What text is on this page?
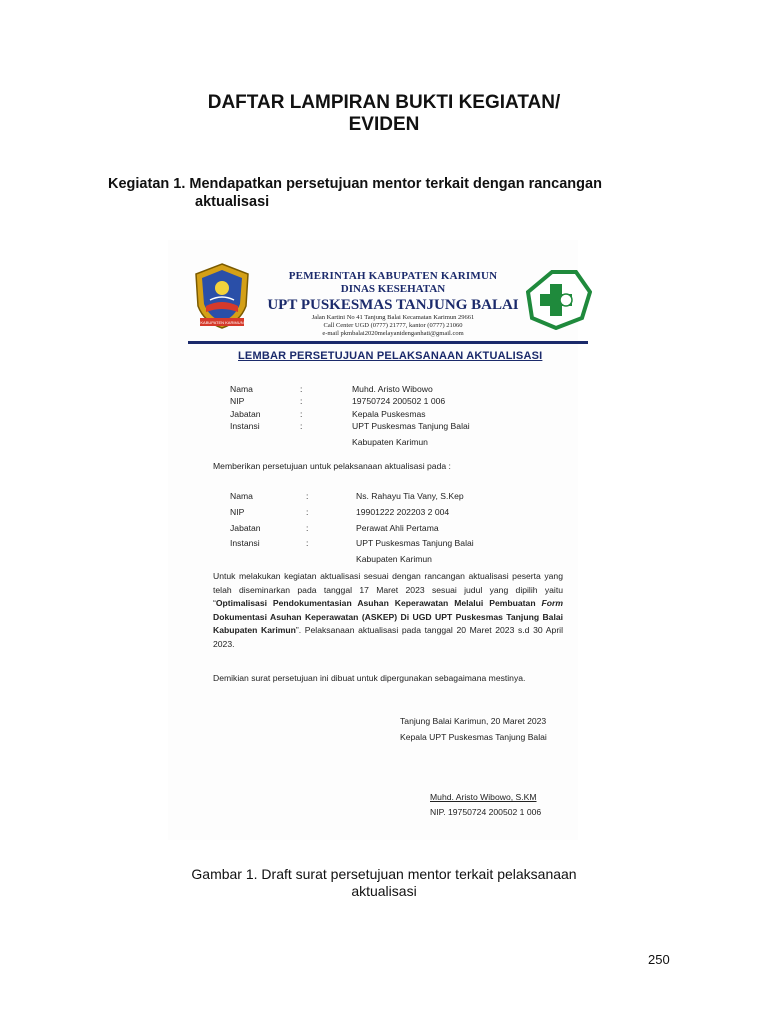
DAFTAR LAMPIRAN BUKTI KEGIATAN/
EVIDEN

Kegiatan 1. Mendapatkan persetujuan mentor terkait dengan rancangan
aktualisasi

KABUPATEN KARIMUN
PEMERINTAH KABUPATEN KARIMUN
DINAS KESEHATAN
UPT PUSKESMAS TANJUNG BALAI
Jalan Kartini No 41 Tanjung Balai Kecamatan Karimun 29661
Call Center UGD (0777) 21777, kantor (0777) 21060
e-mail pkmbalai2020melayanidenganhati@gmail.com
LEMBAR PERSETUJUAN PELAKSANAAN AKTUALISASI
Nama	:	Muhd. Aristo Wibowo
NIP	:	19750724 200502 1 006
Jabatan	:	Kepala Puskesmas
Instansi	:	UPT Puskesmas Tanjung Balai
Kabupaten Karimun
Memberikan persetujuan untuk pelaksanaan aktualisasi pada :
Nama	:	Ns. Rahayu Tia Vany, S.Kep
NIP	:	19901222 202203 2 004
Jabatan	:	Perawat Ahli Pertama
Instansi	:	UPT Puskesmas Tanjung Balai
Kabupaten Karimun
Untuk melakukan kegiatan aktualisasi sesuai dengan rancangan aktualisasi peserta yang telah diseminarkan pada tanggal 17 Maret 2023 sesuai judul yang dipilih yaitu “Optimalisasi Pendokumentasian Asuhan Keperawatan Melalui Pembuatan Form Dokumentasi Asuhan Keperawatan (ASKEP) Di UGD UPT Puskesmas Tanjung Balai Kabupaten Karimun”. Pelaksanaan aktualisasi pada tanggal 20 Maret 2023 s.d 30 April 2023.
Demikian surat persetujuan ini dibuat untuk dipergunakan sebagaimana mestinya.
Tanjung Balai Karimun, 20 Maret 2023
Kepala UPT Puskesmas Tanjung Balai
Muhd. Aristo Wibowo, S.KM
NIP. 19750724 200502 1 006

Gambar 1. Draft surat persetujuan mentor terkait pelaksanaan
aktualisasi

250
